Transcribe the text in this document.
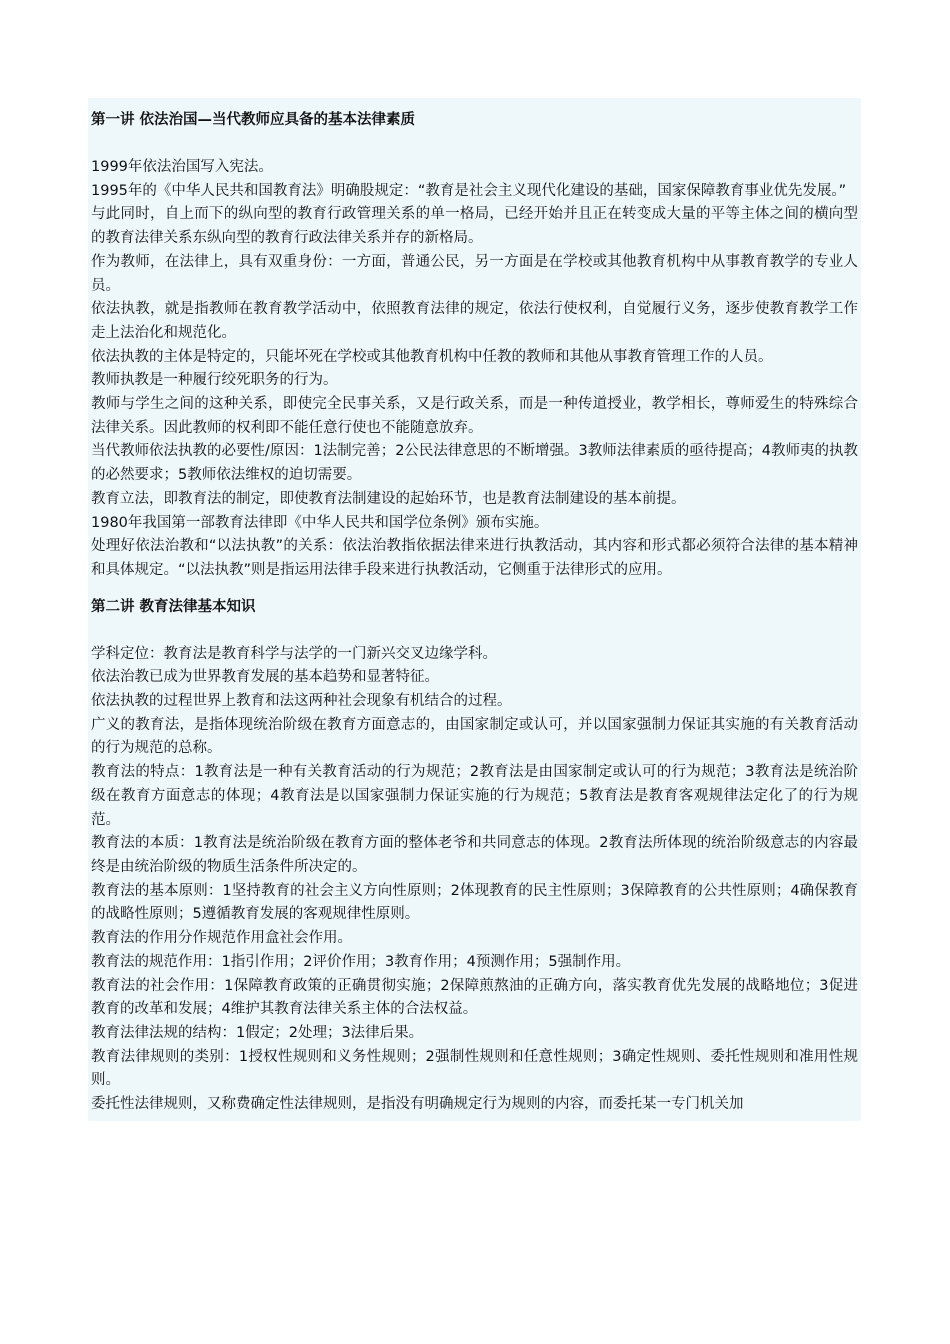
第一讲 依法治国—当代教师应具备的基本法律素质

1999年依法治国写入宪法。

1995年的《中华人民共和国教育法》明确股规定：“教育是社会主义现代化建设的基础，国家保障教育事业优先发展。”

与此同时，自上而下的纵向型的教育行政管理关系的单一格局，已经开始并且正在转变成大量的平等主体之间的横向型的教育法律关系东纵向型的教育行政法律关系并存的新格局。

作为教师，在法律上，具有双重身份：一方面，普通公民，另一方面是在学校或其他教育机构中从事教育教学的专业人员。

依法执教，就是指教师在教育教学活动中，依照教育法律的规定，依法行使权利，自觉履行义务，逐步使教育教学工作走上法治化和规范化。

依法执教的主体是特定的，只能坏死在学校或其他教育机构中任教的教师和其他从事教育管理工作的人员。

教师执教是一种履行绞死职务的行为。

教师与学生之间的这种关系，即使完全民事关系，又是行政关系，而是一种传道授业，教学相长，尊师爱生的特殊综合法律关系。因此教师的权利即不能任意行使也不能随意放弃。

当代教师依法执教的必要性/原因：1法制完善；2公民法律意思的不断增强。3教师法律素质的亟待提高；4教师夷的执教的必然要求；5教师依法维权的迫切需要。

教育立法，即教育法的制定，即使教育法制建设的起始环节，也是教育法制建设的基本前提。

1980年我国第一部教育法律即《中华人民共和国学位条例》颁布实施。

处理好依法治教和“以法执教”的关系：依法治教指依据法律来进行执教活动，其内容和形式都必须符合法律的基本精神和具体规定。“以法执教”则是指运用法律手段来进行执教活动，它侧重于法律形式的应用。

第二讲 教育法律基本知识

学科定位：教育法是教育科学与法学的一门新兴交叉边缘学科。

依法治教已成为世界教育发展的基本趋势和显著特征。

依法执教的过程世界上教育和法这两种社会现象有机结合的过程。

广义的教育法，是指体现统治阶级在教育方面意志的，由国家制定或认可，并以国家强制力保证其实施的有关教育活动的行为规范的总称。

教育法的特点：1教育法是一种有关教育活动的行为规范；2教育法是由国家制定或认可的行为规范；3教育法是统治阶级在教育方面意志的体现；4教育法是以国家强制力保证实施的行为规范；5教育法是教育客观规律法定化了的行为规范。

教育法的本质：1教育法是统治阶级在教育方面的整体老爷和共同意志的体现。2教育法所体现的统治阶级意志的内容最终是由统治阶级的物质生活条件所决定的。

教育法的基本原则：1坚持教育的社会主义方向性原则；2体现教育的民主性原则；3保障教育的公共性原则；4确保教育的战略性原则；5遵循教育发展的客观规律性原则。

教育法的作用分作规范作用盒社会作用。

教育法的规范作用：1指引作用；2评价作用；3教育作用；4预测作用；5强制作用。

教育法的社会作用：1保障教育政策的正确贯彻实施；2保障煎熬油的正确方向，落实教育优先发展的战略地位；3促进教育的改革和发展；4维护其教育法律关系主体的合法权益。

教育法律法规的结构：1假定；2处理；3法律后果。

教育法律规则的类别：1授权性规则和义务性规则；2强制性规则和任意性规则；3确定性规则、委托性规则和准用性规则。

委托性法律规则，又称费确定性法律规则，是指没有明确规定行为规则的内容，而委托某一专门机关加
